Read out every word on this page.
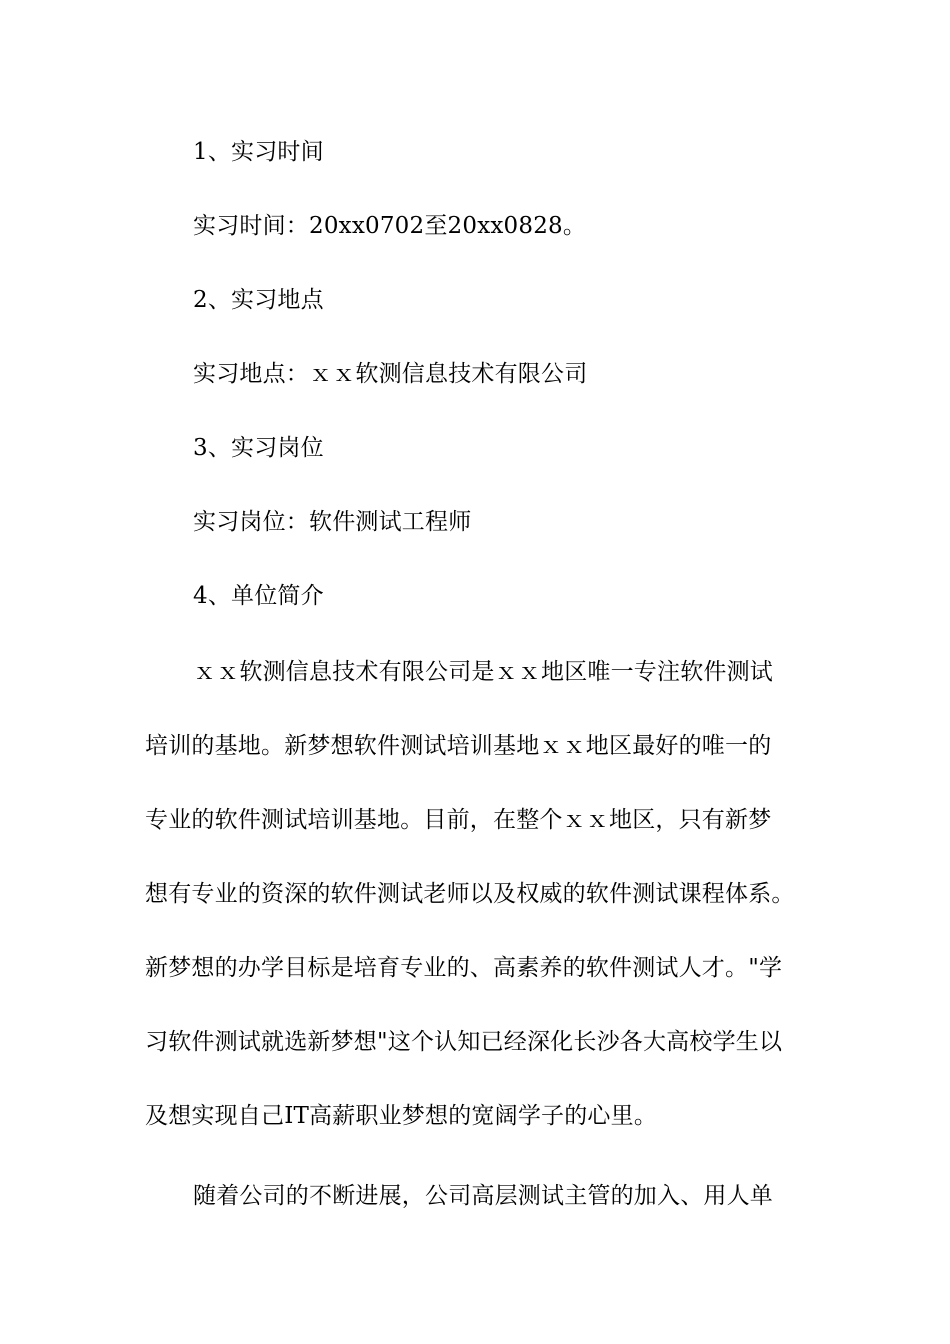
1、实习时间
实习时间：20xx0702至20xx0828。
2、实习地点
实习地点：ｘｘ软测信息技术有限公司
3、实习岗位
实习岗位：软件测试工程师
4、单位简介
ｘｘ软测信息技术有限公司是ｘｘ地区唯一专注软件测试
培训的基地。新梦想软件测试培训基地ｘｘ地区最好的唯一的
专业的软件测试培训基地。目前，在整个ｘｘ地区，只有新梦
想有专业的资深的软件测试老师以及权威的软件测试课程体系。
新梦想的办学目标是培育专业的、高素养的软件测试人才。"学
习软件测试就选新梦想"这个认知已经深化长沙各大高校学生以
及想实现自己IT高薪职业梦想的宽阔学子的心里。
随着公司的不断进展，公司高层测试主管的加入、用人单
